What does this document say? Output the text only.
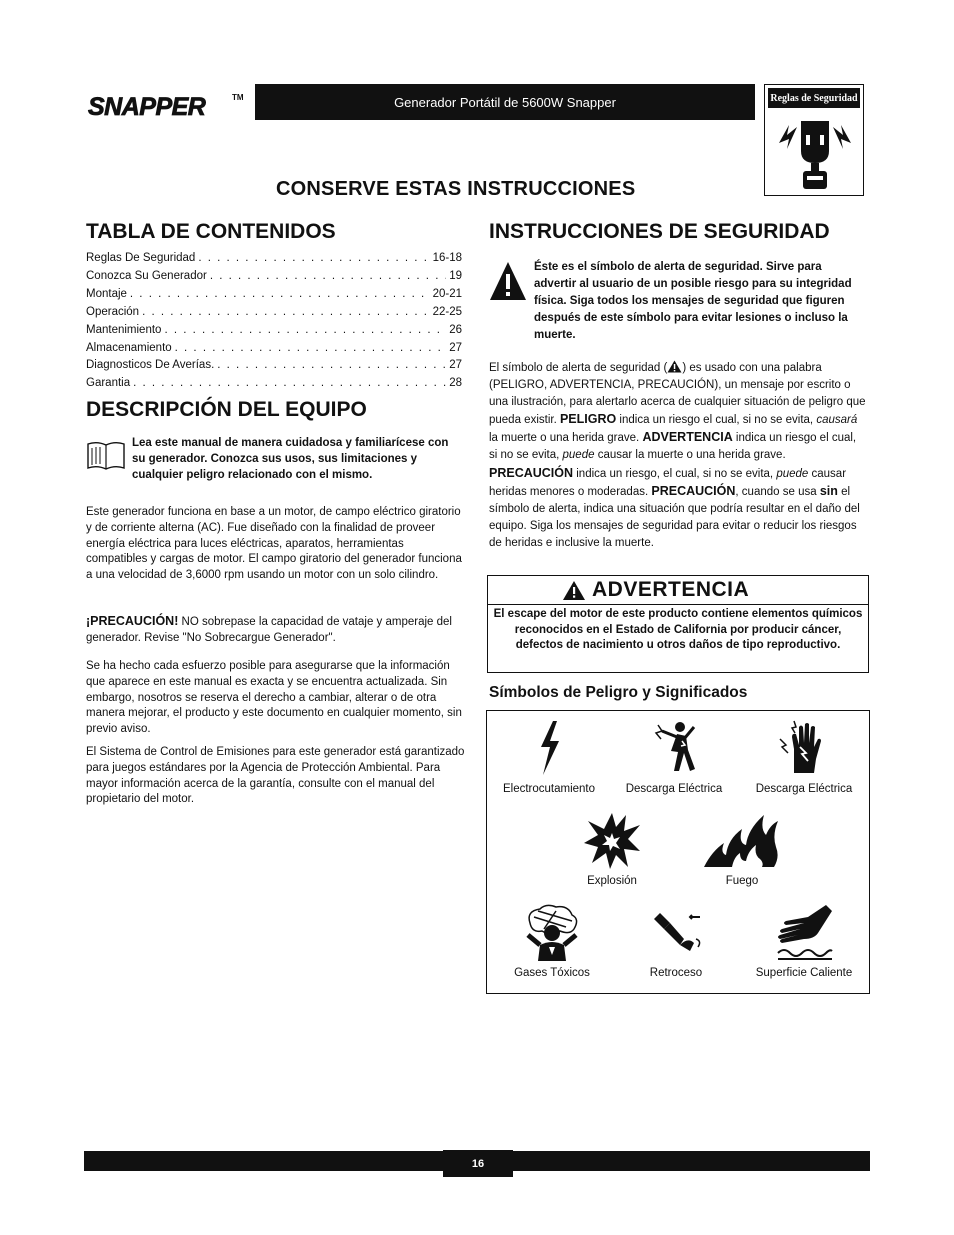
SNAPPER	TM	Generador Portátil de 5600W Snapper	Reglas de Seguridad
CONSERVE ESTAS INSTRUCCIONES
TABLA DE CONTENIDOS
Reglas De Seguridad . . .	16-18
Conozca Su Generador . . .	19
Montaje . . .	20-21
Operación . . .	22-25
Mantenimiento . . .	26
Almacenamiento . . .	27
Diagnosticos De Averías. . . .	27
Garantia . . .	28
DESCRIPCIÓN DEL EQUIPO
Lea este manual de manera cuidadosa y familiarícese con su generador. Conozca sus usos, sus limitaciones y cualquier peligro relacionado con el mismo.

Este generador funciona en base a un motor, de campo eléctrico giratorio y de corriente alterna (AC). Fue diseñado con la finalidad de proveer energía eléctrica para luces eléctricas, aparatos, herramientas compatibles y cargas de motor. El campo giratorio del generador funciona a una velocidad de 3,6000 rpm usando un motor con un solo cilindro.

¡PRECAUCIÓN! NO sobrepase la capacidad de vataje y amperaje del generador. Revise "No Sobrecargue Generador".

Se ha hecho cada esfuerzo posible para asegurarse que la información que aparece en este manual es exacta y se encuentra actualizada. Sin embargo, nosotros se reserva el derecho a cambiar, alterar o de otra manera mejorar, el producto y este documento en cualquier momento, sin previo aviso.

El Sistema de Control de Emisiones para este generador está garantizado para juegos estándares por la Agencia de Protección Ambiental. Para mayor información acerca de la garantía, consulte con el manual del propietario del motor.

INSTRUCCIONES DE SEGURIDAD
Éste es el símbolo de alerta de seguridad. Sirve para advertir al usuario de un posible riesgo para su integridad física. Siga todos los mensajes de seguridad que figuren después de este símbolo para evitar lesiones o incluso la muerte.

El símbolo de alerta de seguridad ( ) es usado con una palabra (PELIGRO, ADVERTENCIA, PRECAUCIÓN), un mensaje por escrito o una ilustración, para alertarlo acerca de cualquier situación de peligro que pueda existir. PELIGRO indica un riesgo el cual, si no se evita, causará la muerte o una herida grave. ADVERTENCIA indica un riesgo el cual, si no se evita, puede causar la muerte o una herida grave. PRECAUCIÓN indica un riesgo, el cual, si no se evita, puede causar heridas menores o moderadas. PRECAUCIÓN, cuando se usa sin el símbolo de alerta, indica una situación que podría resultar en el daño del equipo. Siga los mensajes de seguridad para evitar o reducir los riesgos de heridas e inclusive la muerte.

ADVERTENCIA
El escape del motor de este producto contiene elementos químicos reconocidos en el Estado de California por producir cáncer, defectos de nacimiento u otros daños de tipo reproductivo.
Símbolos de Peligro y Significados
Electrocutamiento	Descarga Eléctrica	Descarga Eléctrica
Explosión	Fuego
Gases Tóxicos	Retroceso	Superficie Caliente
16
